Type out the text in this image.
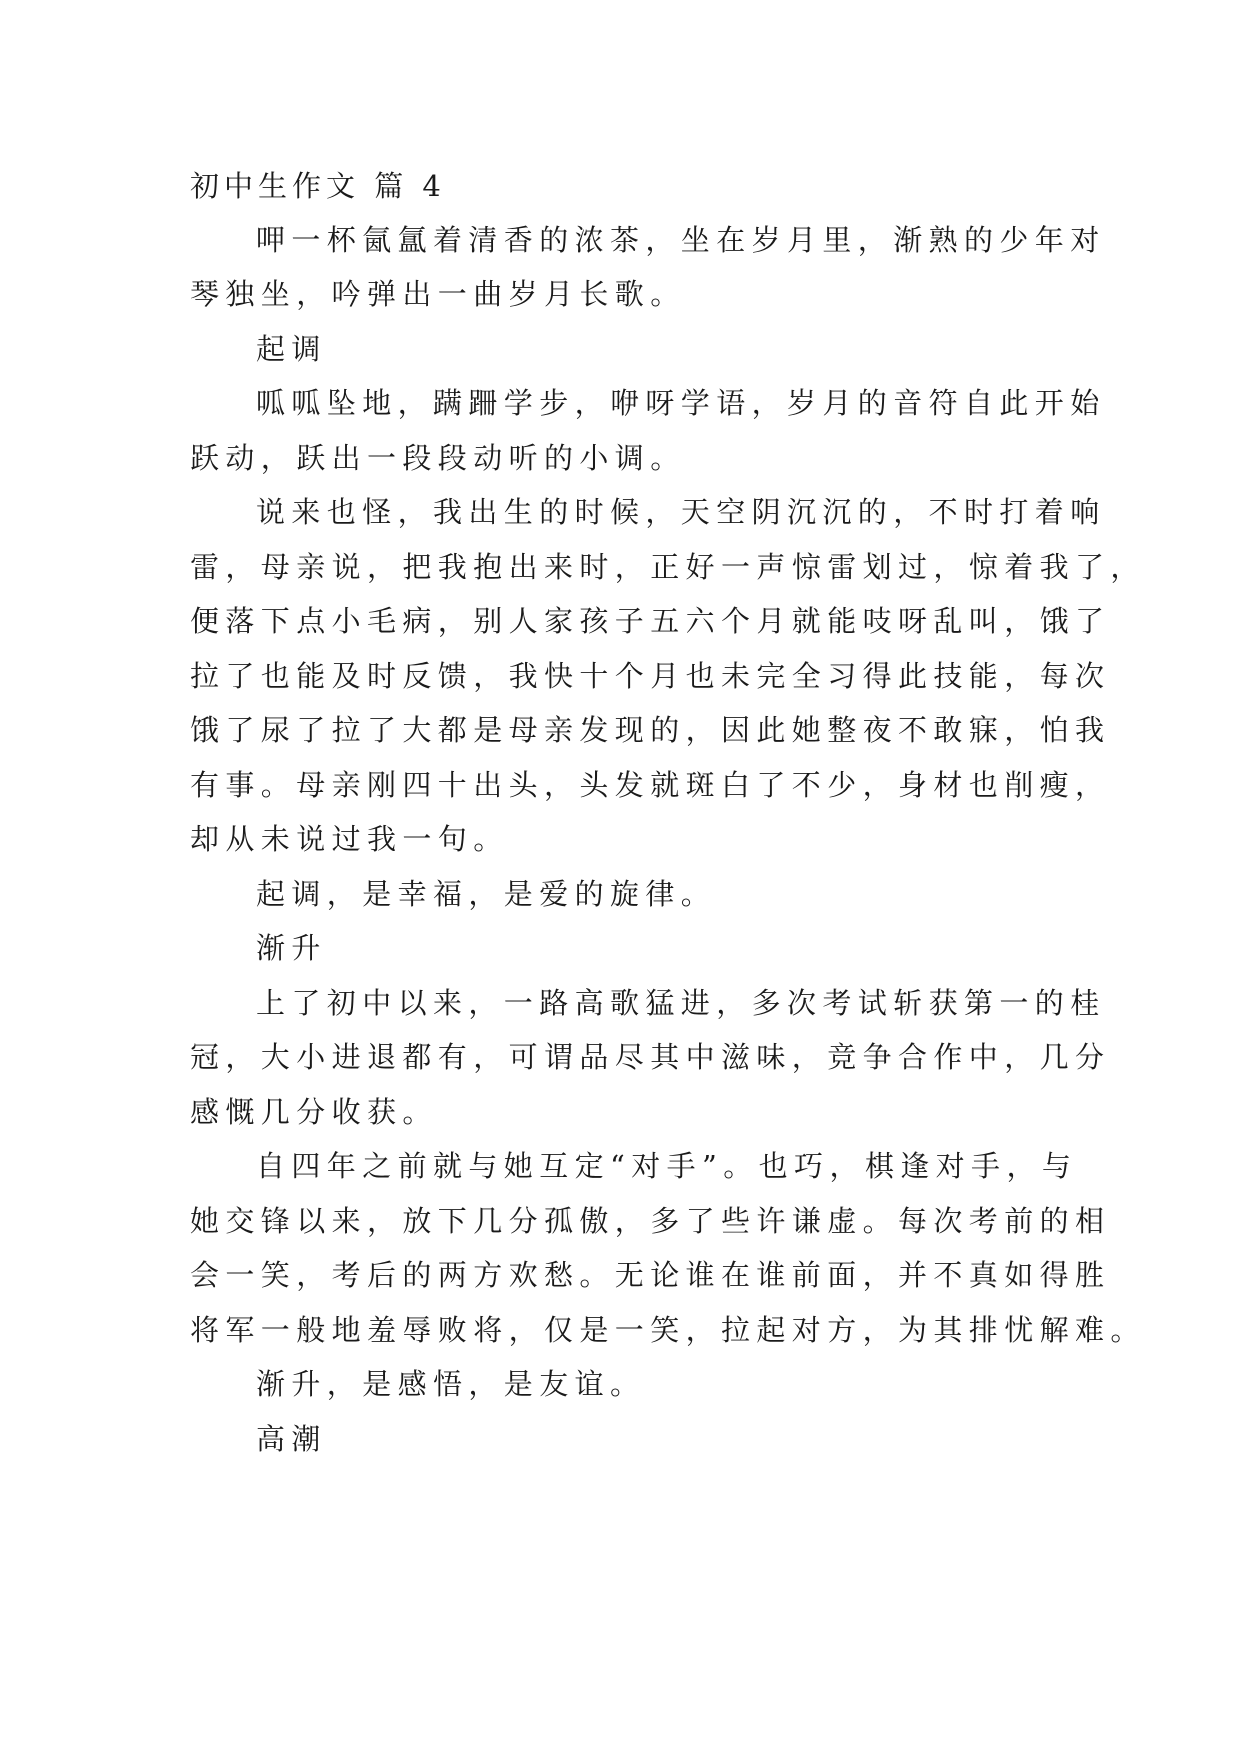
初中生作文 篇 4
呷一杯氤氲着清香的浓茶，坐在岁月里，渐熟的少年对
琴独坐，吟弹出一曲岁月长歌。
起调
呱呱坠地，蹒跚学步，咿呀学语，岁月的音符自此开始
跃动，跃出一段段动听的小调。
说来也怪，我出生的时候，天空阴沉沉的，不时打着响
雷，母亲说，把我抱出来时，正好一声惊雷划过，惊着我了，
便落下点小毛病，别人家孩子五六个月就能吱呀乱叫，饿了
拉了也能及时反馈，我快十个月也未完全习得此技能，每次
饿了尿了拉了大都是母亲发现的，因此她整夜不敢寐，怕我
有事。母亲刚四十出头，头发就斑白了不少，身材也削瘦，
却从未说过我一句。
起调，是幸福，是爱的旋律。
渐升
上了初中以来，一路高歌猛进，多次考试斩获第一的桂
冠，大小进退都有，可谓品尽其中滋味，竞争合作中，几分
感慨几分收获。
自四年之前就与她互定“对手”。也巧，棋逢对手，与
她交锋以来，放下几分孤傲，多了些许谦虚。每次考前的相
会一笑，考后的两方欢愁。无论谁在谁前面，并不真如得胜
将军一般地羞辱败将，仅是一笑，拉起对方，为其排忧解难。
渐升，是感悟，是友谊。
高潮
